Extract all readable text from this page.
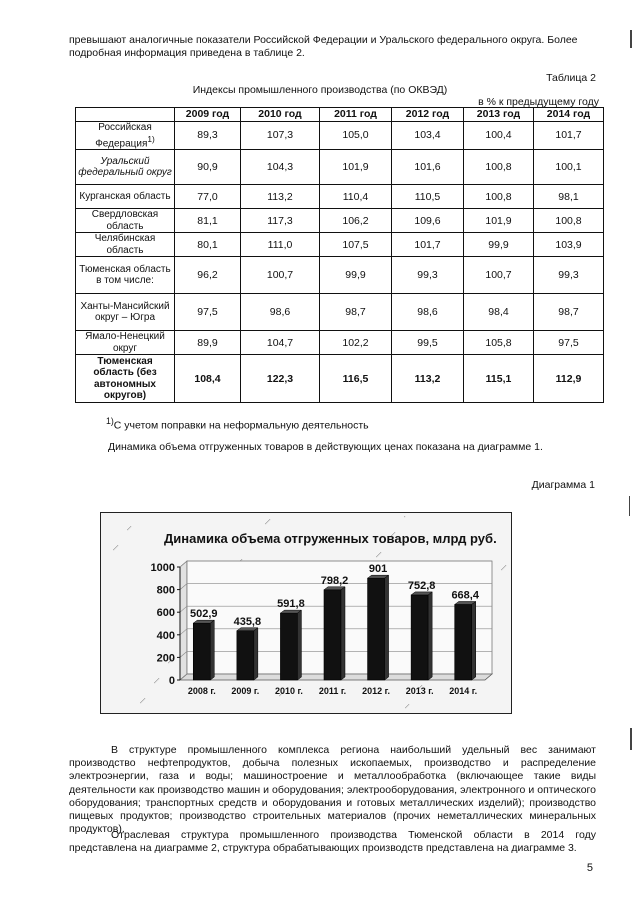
превышают аналогичные показатели Российской Федерации и Уральского федерального округа. Более подробная информация приведена в таблице 2.

Таблица 2

Индексы промышленного производства (по ОКВЭД)

в % к предыдущему году

	2009 год	2010 год	2011 год	2012 год	2013 год	2014 год
Российская Федерация$^{1)}$	89,3	107,3	105,0	103,4	100,4	101,7
Уральский федеральный округ	90,9	104,3	101,9	101,6	100,8	100,1
Курганская область	77,0	113,2	110,4	110,5	100,8	98,1
Свердловская область	81,1	117,3	106,2	109,6	101,9	100,8
Челябинская область	80,1	111,0	107,5	101,7	99,9	103,9
Тюменская область в том числе:	96,2	100,7	99,9	99,3	100,7	99,3
Ханты-Мансийский округ – Югра	97,5	98,6	98,7	98,6	98,4	98,7
Ямало-Ненецкий округ	89,9	104,7	102,2	99,5	105,8	97,5
Тюменская область (без автономных округов)	108,4	122,3	116,5	113,2	115,1	112,9

$^{1)}$С учетом поправки на неформальную деятельность

Динамика объема отгруженных товаров в действующих ценах показана на диаграмме 1.

Диаграмма 1

Динамика объема отгруженных товаров, млрд руб.
0
200
400
600
800
1000
502,9
2008 г.
435,8
2009 г.
591,8
2010 г.
798,2
2011 г.
901
2012 г.
752,8
2013 г.
668,4
2014 г.

В структуре промышленного комплекса региона наибольший удельный вес занимают производство нефтепродуктов, добыча полезных ископаемых, производство и распределение электроэнергии, газа и воды; машиностроение и металлообработка (включающее такие виды деятельности как производство машин и оборудования; электрооборудования, электронного и оптического оборудования; транспортных средств и оборудования и готовых металлических изделий); производство пищевых продуктов; производство строительных материалов (прочих неметаллических минеральных продуктов).

Отраслевая структура промышленного производства Тюменской области в 2014 году представлена на диаграмме 2, структура обрабатывающих производств представлена на диаграмме 3.

5
